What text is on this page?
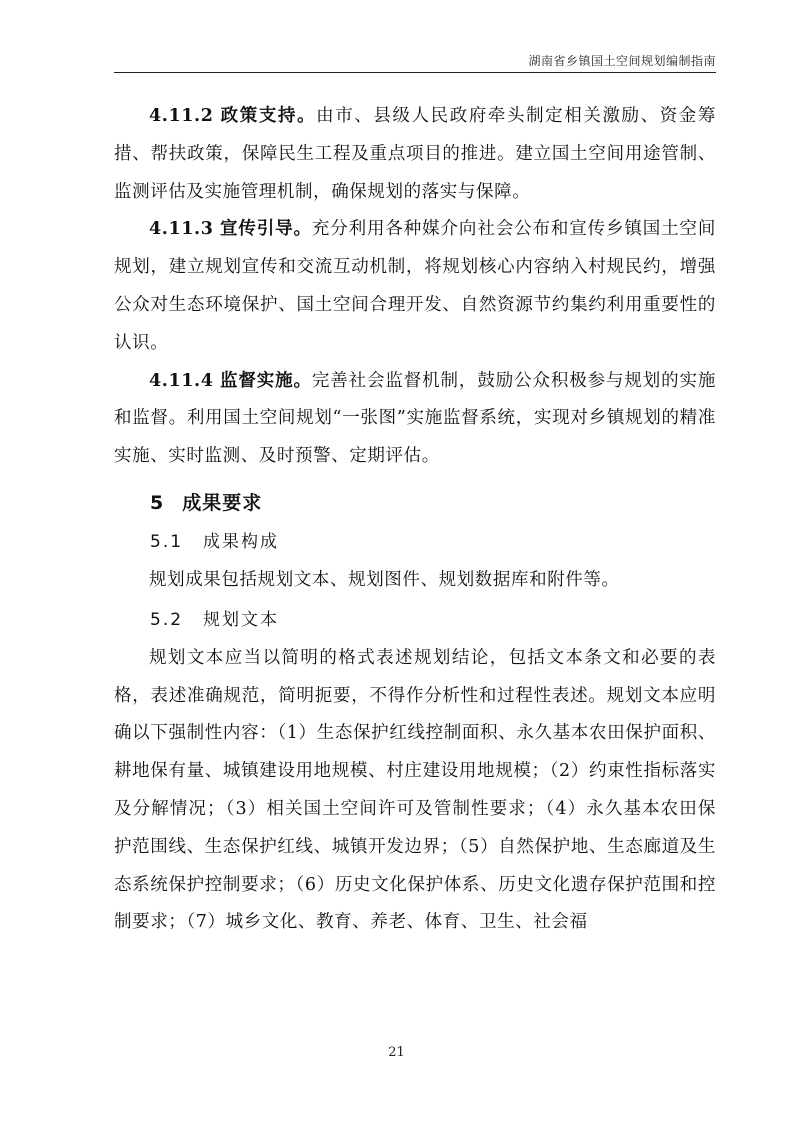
湖南省乡镇国土空间规划编制指南

4.11.2 政策支持。由市、县级人民政府牵头制定相关激励、资金筹措、帮扶政策，保障民生工程及重点项目的推进。建立国土空间用途管制、监测评估及实施管理机制，确保规划的落实与保障。

4.11.3 宣传引导。充分利用各种媒介向社会公布和宣传乡镇国土空间规划，建立规划宣传和交流互动机制，将规划核心内容纳入村规民约，增强公众对生态环境保护、国土空间合理开发、自然资源节约集约利用重要性的认识。

4.11.4 监督实施。完善社会监督机制，鼓励公众积极参与规划的实施和监督。利用国土空间规划“一张图”实施监督系统，实现对乡镇规划的精准实施、实时监测、及时预警、定期评估。

5 成果要求
5.1 成果构成

规划成果包括规划文本、规划图件、规划数据库和附件等。

5.2 规划文本

规划文本应当以简明的格式表述规划结论，包括文本条文和必要的表格，表述准确规范，简明扼要，不得作分析性和过程性表述。规划文本应明确以下强制性内容：（1）生态保护红线控制面积、永久基本农田保护面积、耕地保有量、城镇建设用地规模、村庄建设用地规模；（2）约束性指标落实及分解情况；（3）相关国土空间许可及管制性要求；（4）永久基本农田保护范围线、生态保护红线、城镇开发边界；（5）自然保护地、生态廊道及生态系统保护控制要求；（6）历史文化保护体系、历史文化遗存保护范围和控制要求；（7）城乡文化、教育、养老、体育、卫生、社会福

21
